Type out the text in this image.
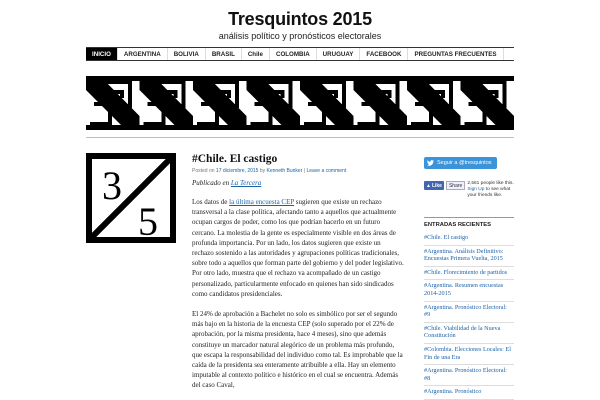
Tresquintos 2015
análisis político y pronósticos electorales
INICIO	ARGENTINA	BOLIVIA	BRASIL	Chile	COLOMBIA	URUGUAY	FACEBOOK	PREGUNTAS FRECUENTES
3
5
#Chile. El castigo
Posted on 17 diciembre, 2015 by Kenneth Bunker | Leave a comment

Publicado en La Tercera

Los datos de la última encuesta CEP sugieren que existe un rechazo transversal a la clase política, afectando tanto a aquellos que actualmente ocupan cargos de poder, como los que podrían hacerlo en un futuro cercano. La molestia de la gente es especialmente visible en dos áreas de profunda importancia. Por un lado, los datos sugieren que existe un rechazo sostenido a las autoridades y agrupaciones políticas tradicionales, sobre todo a aquellos que forman parte del gobierno y del poder legislativo. Por otro lado, muestra que el rechazo va acompañado de un castigo personalizado, particularmente enfocado en quienes han sido sindicados como candidatos presidenciales.

El 24% de aprobación a Bachelet no solo es simbólico por ser el segundo más bajo en la historia de la encuesta CEP (solo superado por el 22% de aprobación, por la misma presidenta, hace 4 meses), sino que además constituye un marcador natural alegórico de un problema más profundo, que escapa la responsabilidad del individuo como tal. Es improbable que la caída de la presidenta sea enteramente atribuible a ella. Hay un elemento imputable al contexto político e histórico en el cual se encuentra. Además del caso Caval,

Seguir a @tresquintos
▲ Like	Share	2,561 people like this. Sign Up to see what your friends like.
ENTRADAS RECIENTES
#Chile. El castigo
#Argentina. Análisis Definitivo: Encuestas Primera Vuelta, 2015
#Chile. Florecimiento de partidos
#Argentina. Resumen encuestas 2014-2015
#Argentina. Pronóstico Electoral: #9
#Chile. Viabilidad de la Nueva Constitución
#Colombia. Elecciones Locales: El Fin de una Era
#Argentina. Pronóstico Electoral: #8
#Argentina. Pronóstico
